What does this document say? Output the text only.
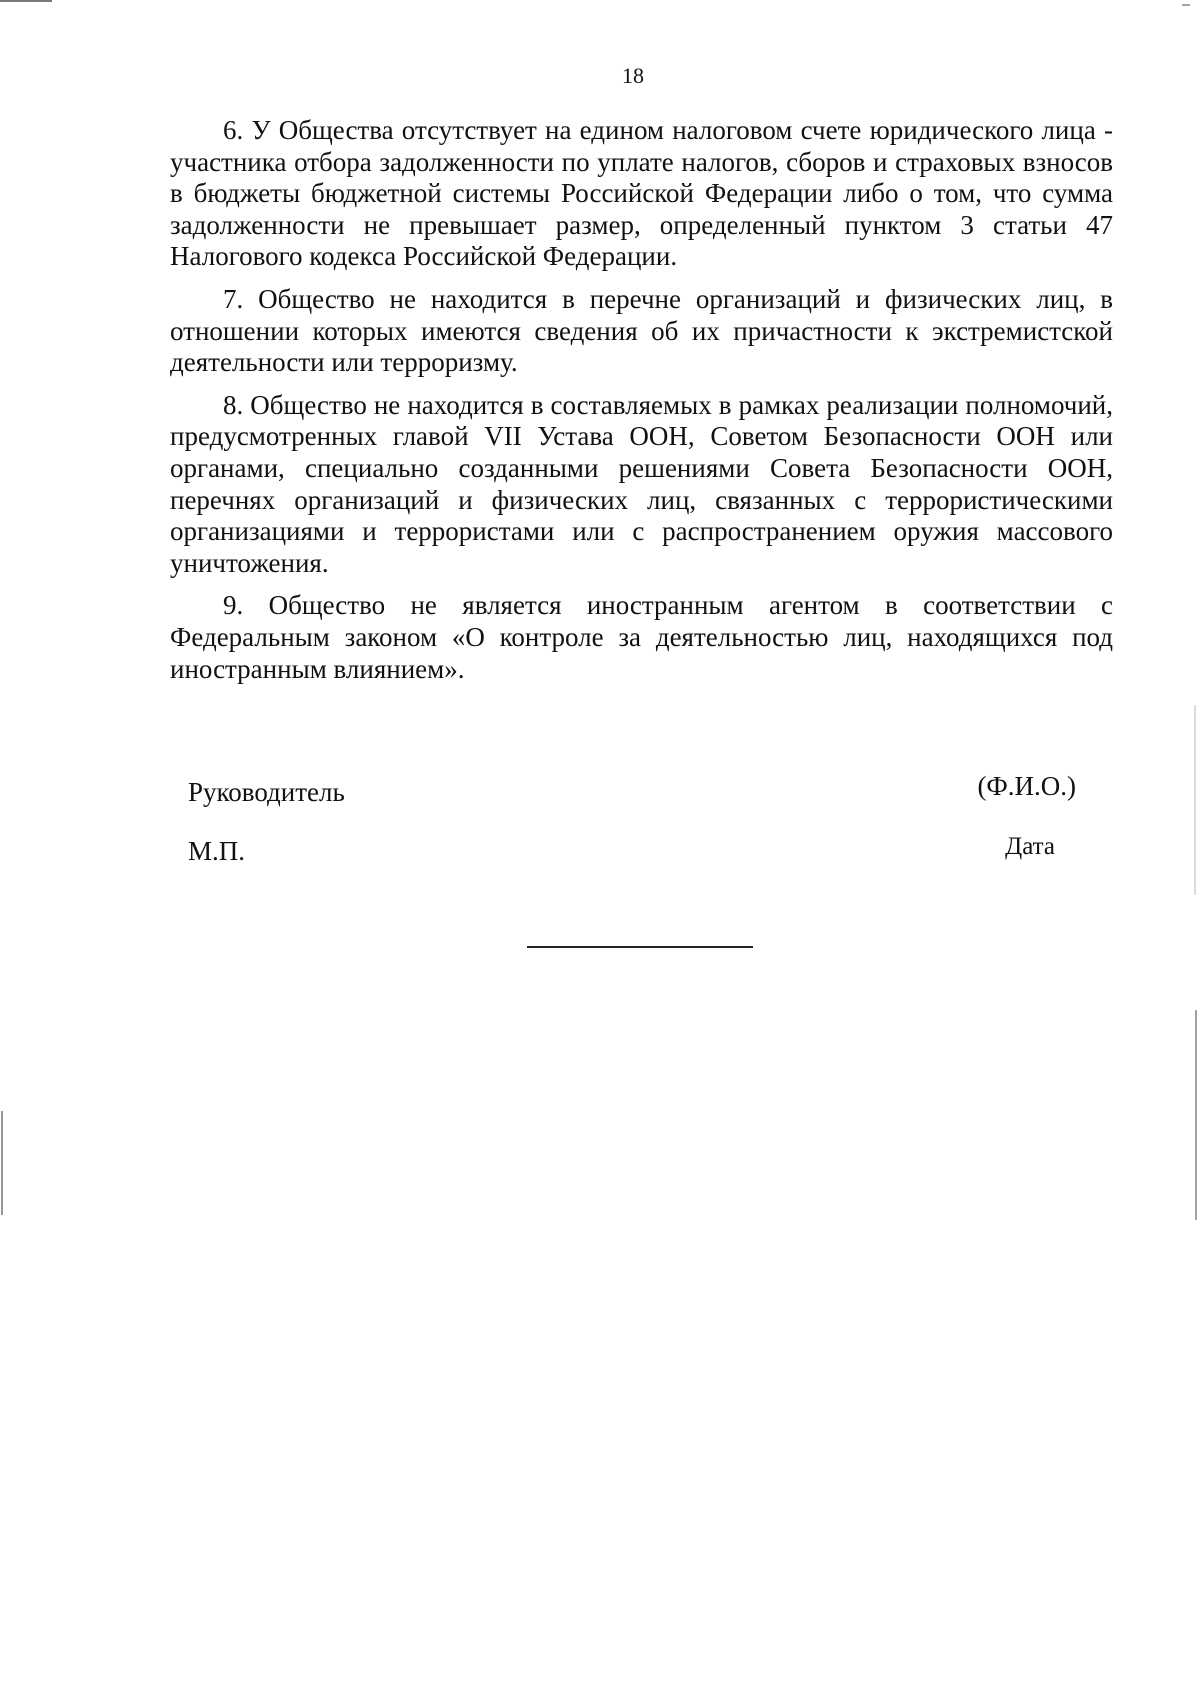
18

6. У Общества отсутствует на едином налоговом счете юридического лица - участника отбора задолженности по уплате налогов, сборов и страховых взносов в бюджеты бюджетной системы Российской Федерации либо о том, что сумма задолженности не превышает размер, определенный пунктом 3 статьи 47 Налогового кодекса Российской Федерации.

7. Общество не находится в перечне организаций и физических лиц, в отношении которых имеются сведения об их причастности к экстремистской деятельности или терроризму.

8. Общество не находится в составляемых в рамках реализации полномочий, предусмотренных главой VII Устава ООН, Советом Безопасности ООН или органами, специально созданными решениями Совета Безопасности ООН, перечнях организаций и физических лиц, связанных с террористическими организациями и террористами или с распространением оружия массового уничтожения.

9. Общество не является иностранным агентом в соответствии с Федеральным законом «О контроле за деятельностью лиц, находящихся под иностранным влиянием».

Руководитель	(Ф.И.О.)
М.П.	Дата
